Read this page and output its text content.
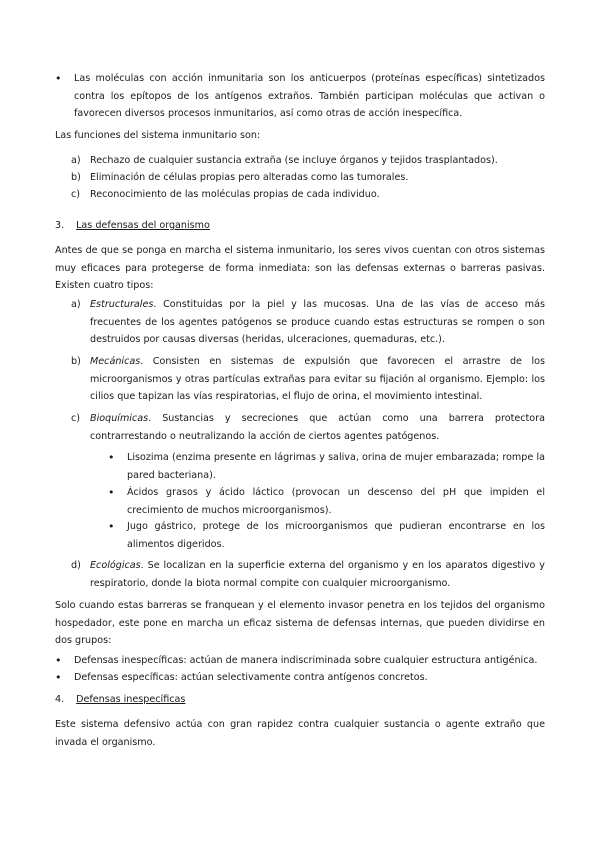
• Las moléculas con acción inmunitaria son los anticuerpos (proteínas específicas) sintetizados contra los epítopos de los antígenos extraños. También participan moléculas que activan o favorecen diversos procesos inmunitarios, así como otras de acción inespecífica.

Las funciones del sistema inmunitario son:

a) Rechazo de cualquier sustancia extraña (se incluye órganos y tejidos trasplantados).

b) Eliminación de células propias pero alteradas como las tumorales.

c) Reconocimiento de las moléculas propias de cada individuo.

3. Las defensas del organismo

Antes de que se ponga en marcha el sistema inmunitario, los seres vivos cuentan con otros sistemas muy eficaces para protegerse de forma inmediata: son las defensas externas o barreras pasivas. Existen cuatro tipos:

a) Estructurales. Constituidas por la piel y las mucosas. Una de las vías de acceso más frecuentes de los agentes patógenos se produce cuando estas estructuras se rompen o son destruidos por causas diversas (heridas, ulceraciones, quemaduras, etc.).

b) Mecánicas. Consisten en sistemas de expulsión que favorecen el arrastre de los microorganismos y otras partículas extrañas para evitar su fijación al organismo. Ejemplo: los cilios que tapizan las vías respiratorias, el flujo de orina, el movimiento intestinal.

c) Bioquímicas. Sustancias y secreciones que actúan como una barrera protectora contrarrestando o neutralizando la acción de ciertos agentes patógenos.

• Lisozima (enzima presente en lágrimas y saliva, orina de mujer embarazada; rompe la pared bacteriana).

• Ácidos grasos y ácido láctico (provocan un descenso del pH que impiden el crecimiento de muchos microorganismos).

• Jugo gástrico, protege de los microorganismos que pudieran encontrarse en los alimentos digeridos.

d) Ecológicas. Se localizan en la superficie externa del organismo y en los aparatos digestivo y respiratorio, donde la biota normal compite con cualquier microorganismo.

Solo cuando estas barreras se franquean y el elemento invasor penetra en los tejidos del organismo hospedador, este pone en marcha un eficaz sistema de defensas internas, que pueden dividirse en dos grupos:

• Defensas inespecíficas: actúan de manera indiscriminada sobre cualquier estructura antigénica.

• Defensas específicas: actúan selectivamente contra antígenos concretos.

4. Defensas inespecíficas

Este sistema defensivo actúa con gran rapidez contra cualquier sustancia o agente extraño que invada el organismo.
